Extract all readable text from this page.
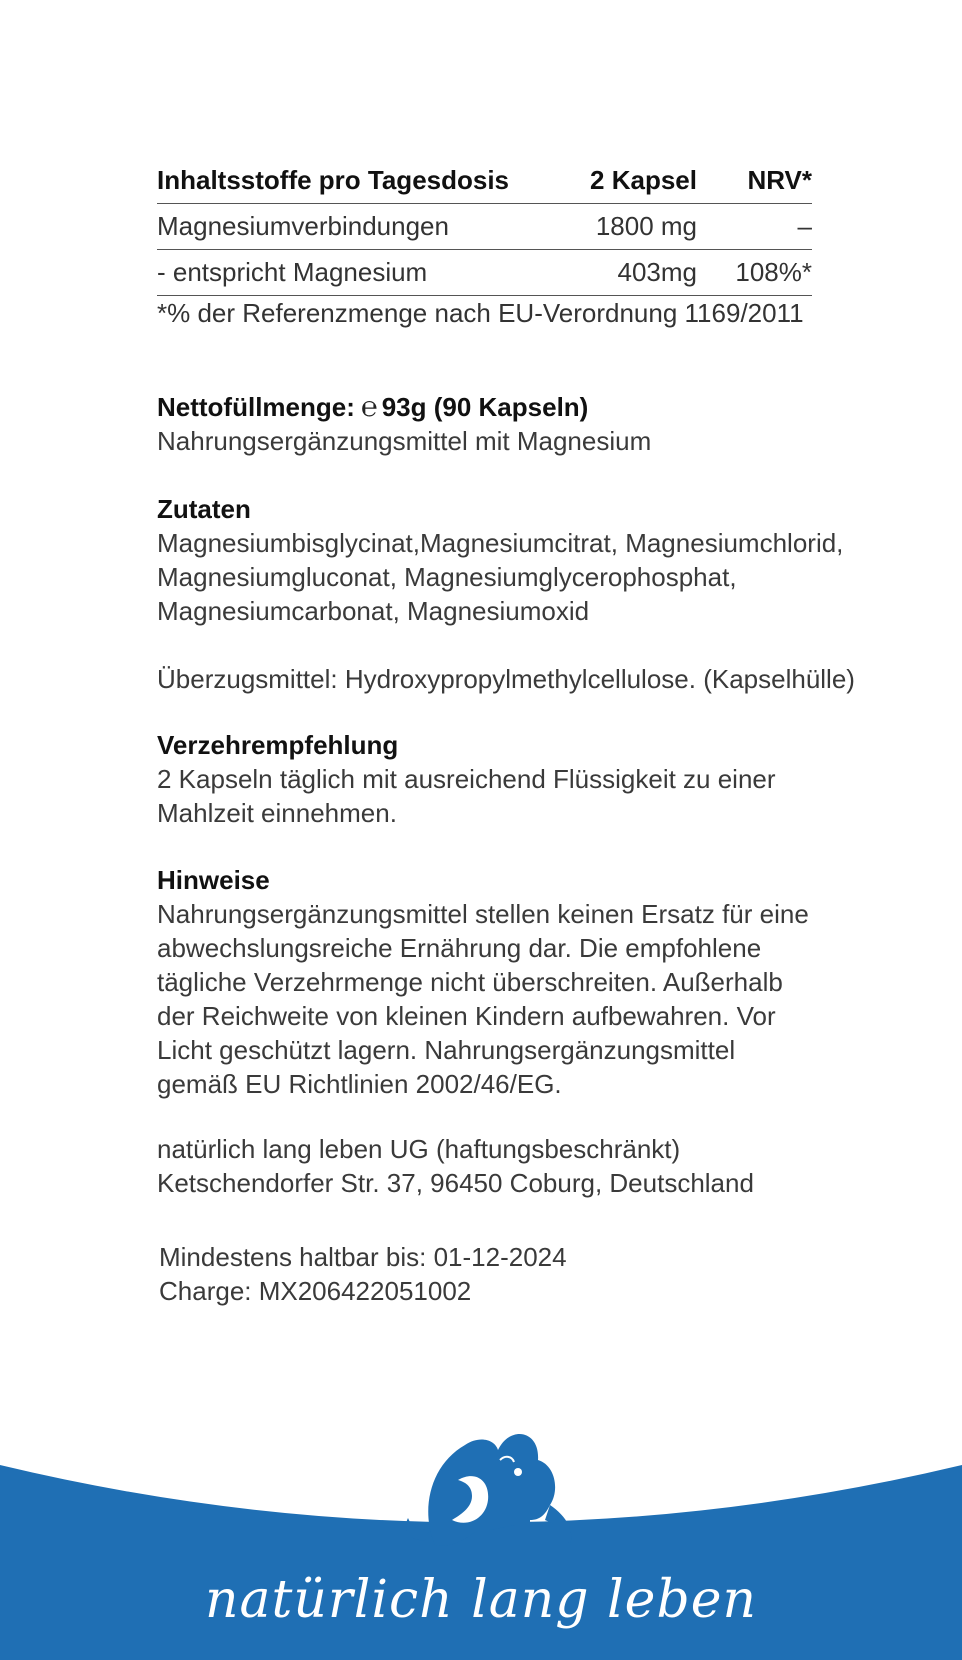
Inhaltsstoffe pro Tagesdosis	2 Kapsel	NRV*
Magnesiumverbindungen	1800 mg	–
- entspricht Magnesium	403mg	108%*
*% der Referenzmenge nach EU-Verordnung 1169/2011
Nettofüllmenge: ℮ 93g (90 Kapseln)

Nahrungsergänzungsmittel mit Magnesium

Zutaten

Magnesiumbisglycinat,Magnesiumcitrat, Magnesiumchlorid,

Magnesiumgluconat, Magnesiumglycerophosphat,

Magnesiumcarbonat, Magnesiumoxid

Überzugsmittel: Hydroxypropylmethylcellulose. (Kapselhülle)

Verzehrempfehlung

2 Kapseln täglich mit ausreichend Flüssigkeit zu einer

Mahlzeit einnehmen.

Hinweise

Nahrungsergänzungsmittel stellen keinen Ersatz für eine

abwechslungsreiche Ernährung dar. Die empfohlene

tägliche Verzehrmenge nicht überschreiten. Außerhalb

der Reichweite von kleinen Kindern aufbewahren. Vor

Licht geschützt lagern. Nahrungsergänzungsmittel

gemäß EU Richtlinien 2002/46/EG.

natürlich lang leben UG (haftungsbeschränkt)

Ketschendorfer Str. 37, 96450 Coburg, Deutschland

Mindestens haltbar bis: 01-12-2024

Charge: MX206422051002

natürlich lang leben
